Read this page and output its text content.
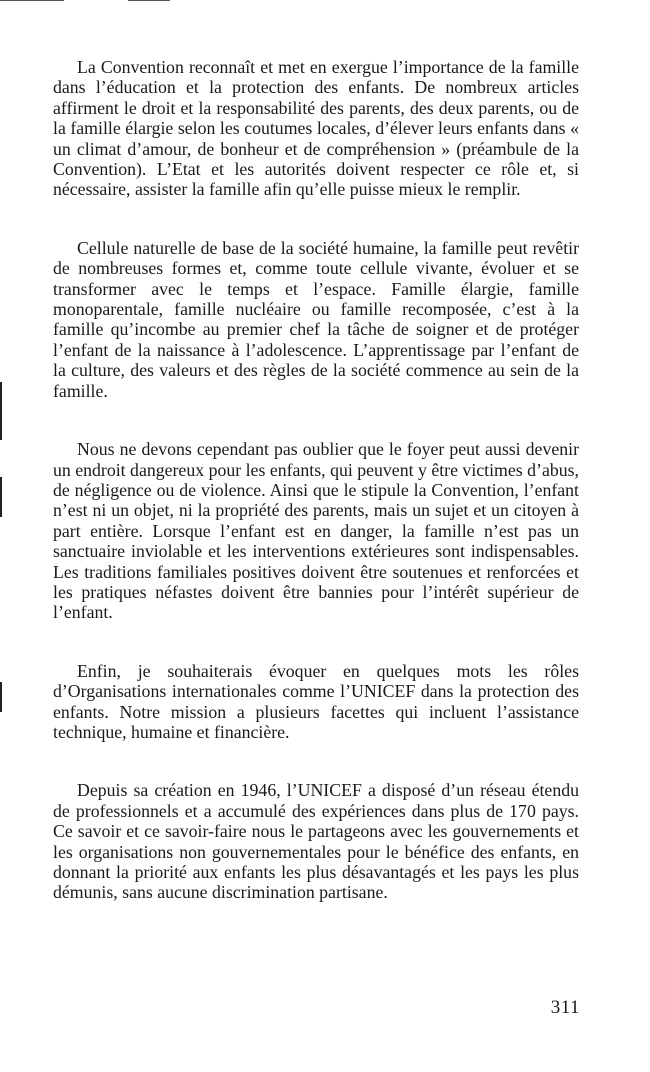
La Convention reconnaît et met en exergue l’importance de la famille dans l’éducation et la protection des enfants. De nombreux articles affirment le droit et la responsabilité des parents, des deux parents, ou de la famille élargie selon les coutumes locales, d’élever leurs enfants dans « un climat d’amour, de bonheur et de compréhension » (préambule de la Convention). L’Etat et les autorités doivent respecter ce rôle et, si nécessaire, assister la famille afin qu’elle puisse mieux le remplir.

Cellule naturelle de base de la société humaine, la famille peut revêtir de nombreuses formes et, comme toute cellule vivante, évoluer et se transformer avec le temps et l’espace. Famille élargie, famille monoparentale, famille nucléaire ou famille recomposée, c’est à la famille qu’incombe au premier chef la tâche de soigner et de protéger l’enfant de la naissance à l’adolescence. L’apprentissage par l’enfant de la culture, des valeurs et des règles de la société commence au sein de la famille.

Nous ne devons cependant pas oublier que le foyer peut aussi devenir un endroit dangereux pour les enfants, qui peuvent y être victimes d’abus, de négligence ou de violence. Ainsi que le stipule la Convention, l’enfant n’est ni un objet, ni la propriété des parents, mais un sujet et un citoyen à part entière. Lorsque l’enfant est en danger, la famille n’est pas un sanctuaire inviolable et les interventions extérieures sont indispensables. Les traditions familiales positives doivent être soutenues et renforcées et les pratiques néfastes doivent être bannies pour l’intérêt supérieur de l’enfant.

Enfin, je souhaiterais évoquer en quelques mots les rôles d’Organisations internationales comme l’UNICEF dans la protection des enfants. Notre mission a plusieurs facettes qui incluent l’assistance technique, humaine et financière.

Depuis sa création en 1946, l’UNICEF a disposé d’un réseau étendu de professionnels et a accumulé des expériences dans plus de 170 pays. Ce savoir et ce savoir-faire nous le partageons avec les gouvernements et les organisations non gouvernementales pour le bénéfice des enfants, en donnant la priorité aux enfants les plus désavantagés et les pays les plus démunis, sans aucune discrimination partisane.

311
